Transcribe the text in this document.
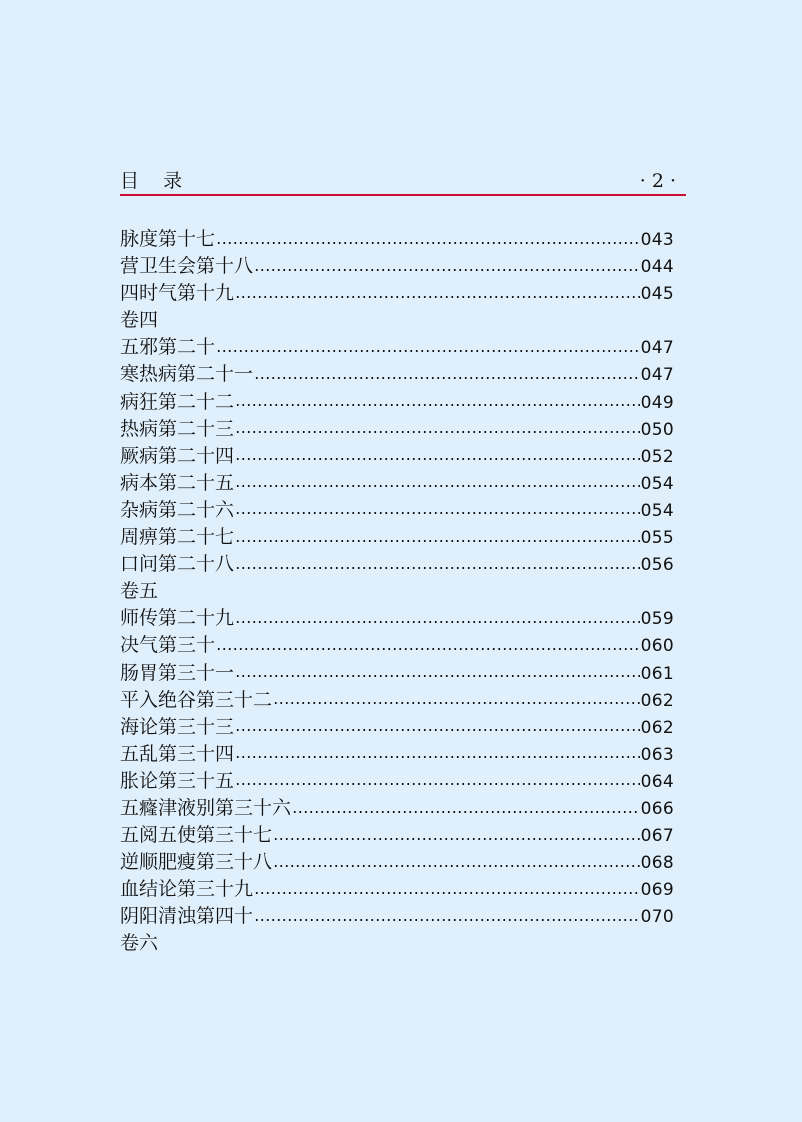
目    录	· 2 ·
脉度第十七	043
营卫生会第十八	044
四时气第十九	045
卷四
五邪第二十	047
寒热病第二十一	047
病狂第二十二	049
热病第二十三	050
厥病第二十四	052
病本第二十五	054
杂病第二十六	054
周痹第二十七	055
口问第二十八	056
卷五
师传第二十九	059
决气第三十	060
肠胃第三十一	061
平入绝谷第三十二	062
海论第三十三	062
五乱第三十四	063
胀论第三十五	064
五癃津液别第三十六	066
五阅五使第三十七	067
逆顺肥瘦第三十八	068
血结论第三十九	069
阴阳清浊第四十	070
卷六
